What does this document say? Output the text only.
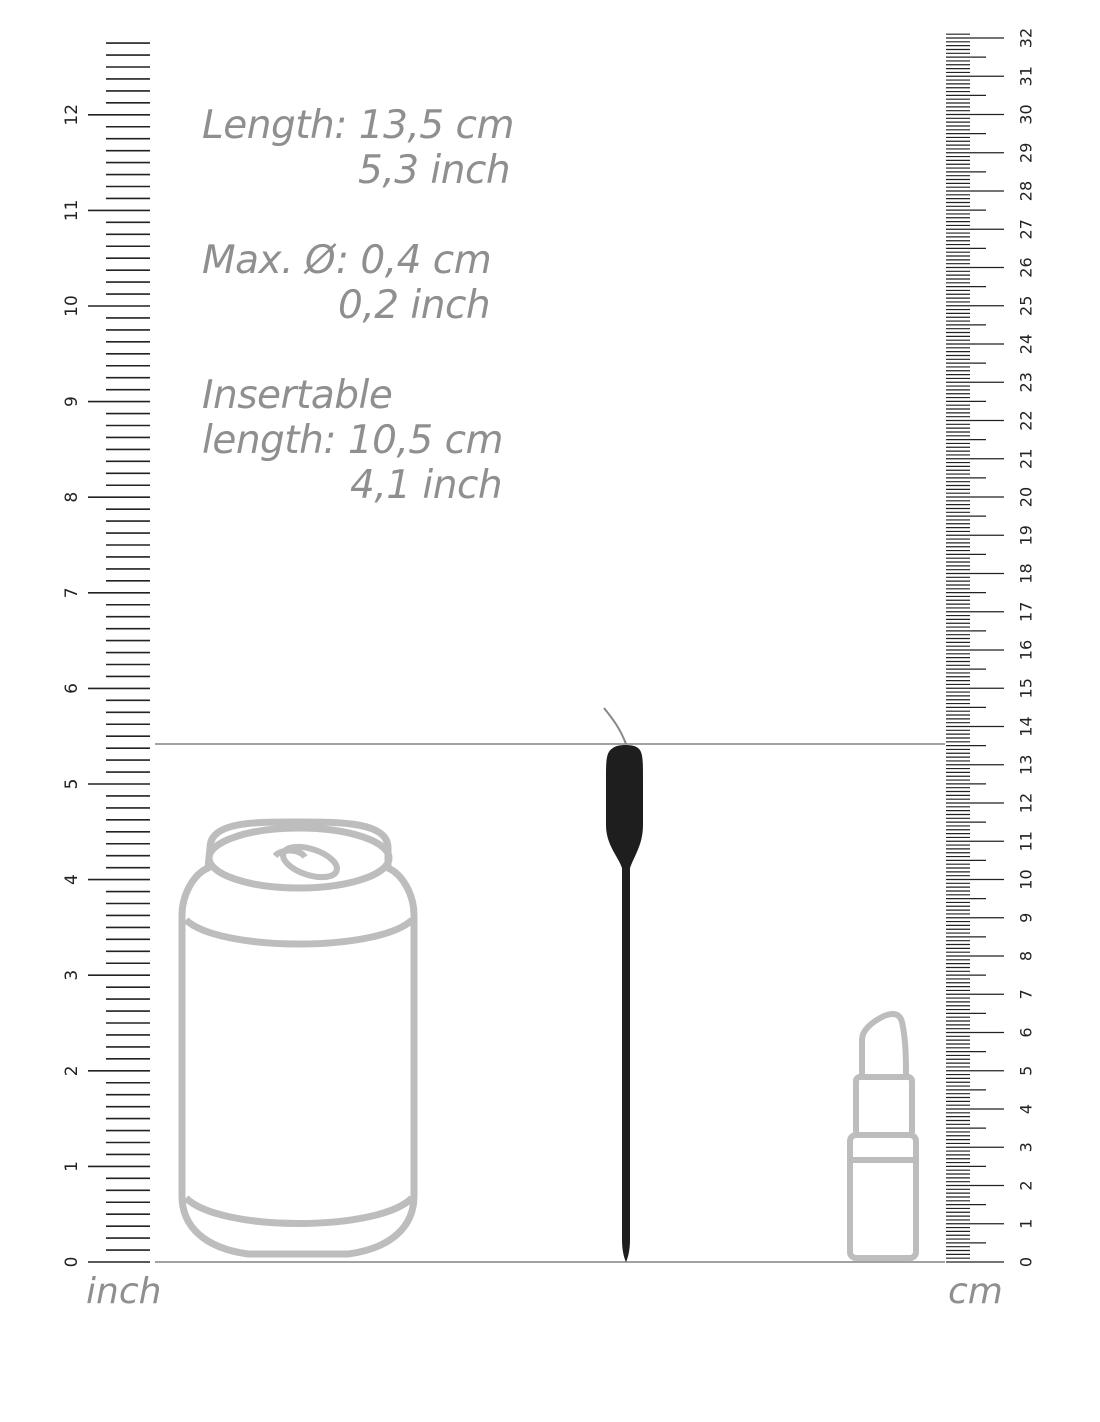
0
1
2
3
4
5
6
7
8
9
10
11
12
0
1
2
3
4
5
6
7
8
9
10
11
12
13
14
15
16
17
18
19
20
21
22
23
24
25
26
27
28
29
30
31
32
Length: 13,5 cm
5,3 inch
Max. Ø: 0,4 cm
0,2 inch
Insertable
length: 10,5 cm
4,1 inch
inch	cm
